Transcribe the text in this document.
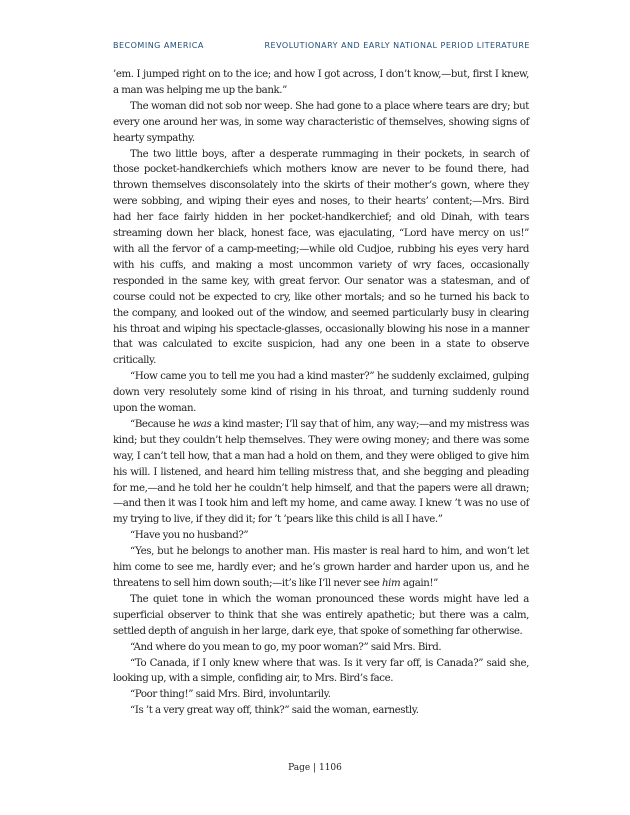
BECOMING AMERICA	REVOLUTIONARY AND EARLY NATIONAL PERIOD LITERATURE

’em. I jumped right on to the ice; and how I got across, I don’t know,—but, first I knew, a man was helping me up the bank.”

The woman did not sob nor weep. She had gone to a place where tears are dry; but every one around her was, in some way characteristic of themselves, showing signs of hearty sympathy.

The two little boys, after a desperate rummaging in their pockets, in search of those pocket-handkerchiefs which mothers know are never to be found there, had thrown themselves disconsolately into the skirts of their mother’s gown, where they were sobbing, and wiping their eyes and noses, to their hearts’ content;—Mrs. Bird had her face fairly hidden in her pocket-handkerchief; and old Dinah, with tears streaming down her black, honest face, was ejaculating, “Lord have mercy on us!” with all the fervor of a camp-meeting;—while old Cudjoe, rubbing his eyes very hard with his cuffs, and making a most uncommon variety of wry faces, occasionally responded in the same key, with great fervor. Our senator was a statesman, and of course could not be expected to cry, like other mortals; and so he turned his back to the company, and looked out of the window, and seemed particularly busy in clearing his throat and wiping his spectacle-glasses, occasionally blowing his nose in a manner that was calculated to excite suspicion, had any one been in a state to observe critically.

“How came you to tell me you had a kind master?” he suddenly exclaimed, gulping down very resolutely some kind of rising in his throat, and turning suddenly round upon the woman.

“Because he was a kind master; I’ll say that of him, any way;—and my mistress was kind; but they couldn’t help themselves. They were owing money; and there was some way, I can’t tell how, that a man had a hold on them, and they were obliged to give him his will. I listened, and heard him telling mistress that, and she begging and pleading for me,—and he told her he couldn’t help himself, and that the papers were all drawn;—and then it was I took him and left my home, and came away. I knew ’t was no use of my trying to live, if they did it; for ’t ’pears like this child is all I have.”

“Have you no husband?”

“Yes, but he belongs to another man. His master is real hard to him, and won’t let him come to see me, hardly ever; and he’s grown harder and harder upon us, and he threatens to sell him down south;—it’s like I’ll never see him again!”

The quiet tone in which the woman pronounced these words might have led a superficial observer to think that she was entirely apathetic; but there was a calm, settled depth of anguish in her large, dark eye, that spoke of something far otherwise.

“And where do you mean to go, my poor woman?” said Mrs. Bird.

“To Canada, if I only knew where that was. Is it very far off, is Canada?” said she, looking up, with a simple, confiding air, to Mrs. Bird’s face.

“Poor thing!” said Mrs. Bird, involuntarily.

“Is ’t a very great way off, think?” said the woman, earnestly.

Page | 1106
